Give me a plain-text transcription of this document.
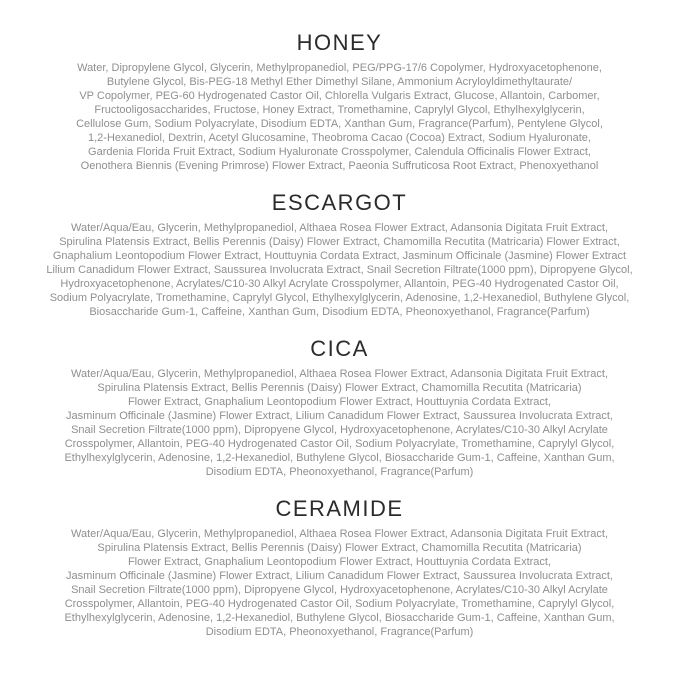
HONEY

Water, Dipropylene Glycol, Glycerin, Methylpropanediol, PEG/PPG-17/6 Copolymer, Hydroxyacetophenone,

Butylene Glycol, Bis-PEG-18 Methyl Ether Dimethyl Silane, Ammonium Acryloyldimethyltaurate/

VP Copolymer, PEG-60 Hydrogenated Castor Oil, Chlorella Vulgaris Extract, Glucose, Allantoin, Carbomer,

Fructooligosaccharides, Fructose, Honey Extract, Tromethamine, Caprylyl Glycol, Ethylhexylglycerin,

Cellulose Gum, Sodium Polyacrylate, Disodium EDTA, Xanthan Gum, Fragrance(Parfum), Pentylene Glycol,

1,2-Hexanediol, Dextrin, Acetyl Glucosamine, Theobroma Cacao (Cocoa) Extract, Sodium Hyaluronate,

Gardenia Florida Fruit Extract, Sodium Hyaluronate Crosspolymer, Calendula Officinalis Flower Extract,

Oenothera Biennis (Evening Primrose) Flower Extract, Paeonia Suffruticosa Root Extract, Phenoxyethanol

ESCARGOT

Water/Aqua/Eau, Glycerin, Methylpropanediol, Althaea Rosea Flower Extract, Adansonia Digitata Fruit Extract,

Spirulina Platensis Extract, Bellis Perennis (Daisy) Flower Extract, Chamomilla Recutita (Matricaria) Flower Extract,

Gnaphalium Leontopodium Flower Extract, Houttuynia Cordata Extract, Jasminum Officinale (Jasmine) Flower Extract

Lilium Canadidum Flower Extract, Saussurea Involucrata Extract, Snail Secretion Filtrate(1000 ppm), Dipropyene Glycol,

Hydroxyacetophenone, Acrylates/C10-30 Alkyl Acrylate Crosspolymer, Allantoin, PEG-40 Hydrogenated Castor Oil,

Sodium Polyacrylate, Tromethamine, Caprylyl Glycol, Ethylhexylglycerin, Adenosine, 1,2-Hexanediol, Buthylene Glycol,

Biosaccharide Gum-1, Caffeine, Xanthan Gum, Disodium EDTA, Pheonoxyethanol, Fragrance(Parfum)

CICA

Water/Aqua/Eau, Glycerin, Methylpropanediol, Althaea Rosea Flower Extract, Adansonia Digitata Fruit Extract,

Spirulina Platensis Extract, Bellis Perennis (Daisy) Flower Extract, Chamomilla Recutita (Matricaria)

Flower Extract, Gnaphalium Leontopodium Flower Extract, Houttuynia Cordata Extract,

Jasminum Officinale (Jasmine) Flower Extract, Lilium Canadidum Flower Extract, Saussurea Involucrata Extract,

Snail Secretion Filtrate(1000 ppm), Dipropyene Glycol, Hydroxyacetophenone, Acrylates/C10-30 Alkyl Acrylate

Crosspolymer, Allantoin, PEG-40 Hydrogenated Castor Oil, Sodium Polyacrylate, Tromethamine, Caprylyl Glycol,

Ethylhexylglycerin, Adenosine, 1,2-Hexanediol, Buthylene Glycol, Biosaccharide Gum-1, Caffeine, Xanthan Gum,

Disodium EDTA, Pheonoxyethanol, Fragrance(Parfum)

CERAMIDE

Water/Aqua/Eau, Glycerin, Methylpropanediol, Althaea Rosea Flower Extract, Adansonia Digitata Fruit Extract,

Spirulina Platensis Extract, Bellis Perennis (Daisy) Flower Extract, Chamomilla Recutita (Matricaria)

Flower Extract, Gnaphalium Leontopodium Flower Extract, Houttuynia Cordata Extract,

Jasminum Officinale (Jasmine) Flower Extract, Lilium Canadidum Flower Extract, Saussurea Involucrata Extract,

Snail Secretion Filtrate(1000 ppm), Dipropyene Glycol, Hydroxyacetophenone, Acrylates/C10-30 Alkyl Acrylate

Crosspolymer, Allantoin, PEG-40 Hydrogenated Castor Oil, Sodium Polyacrylate, Tromethamine, Caprylyl Glycol,

Ethylhexylglycerin, Adenosine, 1,2-Hexanediol, Buthylene Glycol, Biosaccharide Gum-1, Caffeine, Xanthan Gum,

Disodium EDTA, Pheonoxyethanol, Fragrance(Parfum)
